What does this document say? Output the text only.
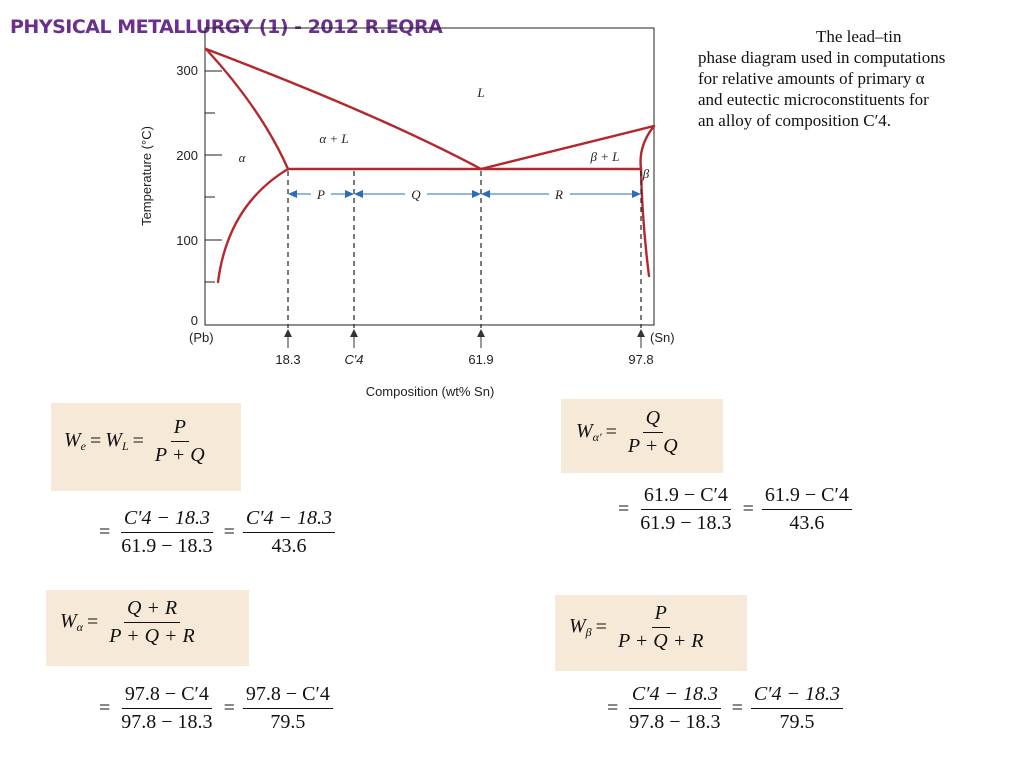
PHYSICAL METALLURGY (1) - 2012 R.EQRA
300
200
100
0
Temperature (°C)	P	Q	R
L
α + L
α	β + L
β
(Pb)	(Sn)
18.3	C′4	61.9	97.8
Composition (wt% Sn)

The lead–tin
phase diagram used in computations for relative amounts of primary α and eutectic microconstituents for an alloy of composition C′4.

$W_e = W_L = \frac{P}{P + Q}$
= $\frac{C'4 - 18.3}{61.9 - 18.3} = \frac{C'4 - 18.3}{43.6}$
$W_{\alpha'} = \frac{Q}{P + Q}$
= $\frac{61.9 - C'4}{61.9 - 18.3} = \frac{61.9 - C'4}{43.6}$
$W_\alpha = \frac{Q + R}{P + Q + R}$
= $\frac{97.8 - C'4}{97.8 - 18.3} = \frac{97.8 - C'4}{79.5}$
$W_\beta = \frac{P}{P + Q + R}$
= $\frac{C'4 - 18.3}{97.8 - 18.3} = \frac{C'4 - 18.3}{79.5}$
